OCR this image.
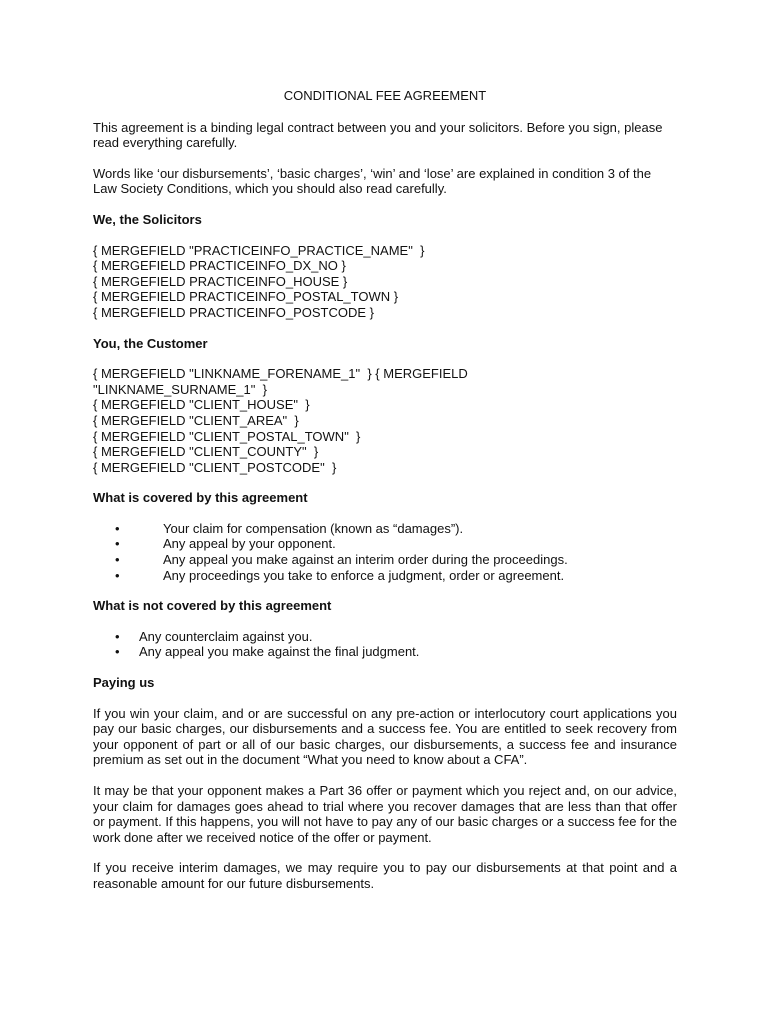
CONDITIONAL FEE AGREEMENT

This agreement is a binding legal contract between you and your solicitors. Before you sign, please read everything carefully.

Words like ‘our disbursements’, ‘basic charges’, ‘win’ and ‘lose’ are explained in condition 3 of the Law Society Conditions, which you should also read carefully.

We, the Solicitors
{ MERGEFIELD "PRACTICEINFO_PRACTICE_NAME"  }
{ MERGEFIELD PRACTICEINFO_DX_NO }
{ MERGEFIELD PRACTICEINFO_HOUSE }
{ MERGEFIELD PRACTICEINFO_POSTAL_TOWN }
{ MERGEFIELD PRACTICEINFO_POSTCODE }
You, the Customer
{ MERGEFIELD "LINKNAME_FORENAME_1"  } { MERGEFIELD
"LINKNAME_SURNAME_1"  }
{ MERGEFIELD "CLIENT_HOUSE"  }
{ MERGEFIELD "CLIENT_AREA"  }
{ MERGEFIELD "CLIENT_POSTAL_TOWN"  }
{ MERGEFIELD "CLIENT_COUNTY"  }
{ MERGEFIELD "CLIENT_POSTCODE"  }
What is covered by this agreement
•	Your claim for compensation (known as “damages”).
•	Any appeal by your opponent.
•	Any appeal you make against an interim order during the proceedings.
•	Any proceedings you take to enforce a judgment, order or agreement.
What is not covered by this agreement
• Any counterclaim against you.
• Any appeal you make against the final judgment.
Paying us

If you win your claim, and or are successful on any pre-action or interlocutory court applications you pay our basic charges, our disbursements and a success fee. You are entitled to seek recovery from your opponent of part or all of our basic charges, our disbursements, a success fee and insurance premium as set out in the document “What you need to know about a CFA”.

It may be that your opponent makes a Part 36 offer or payment which you reject and, on our advice, your claim for damages goes ahead to trial where you recover damages that are less than that offer or payment. If this happens, you will not have to pay any of our basic charges or a success fee for the work done after we received notice of the offer or payment.

If you receive interim damages, we may require you to pay our disbursements at that point and a reasonable amount for our future disbursements.
